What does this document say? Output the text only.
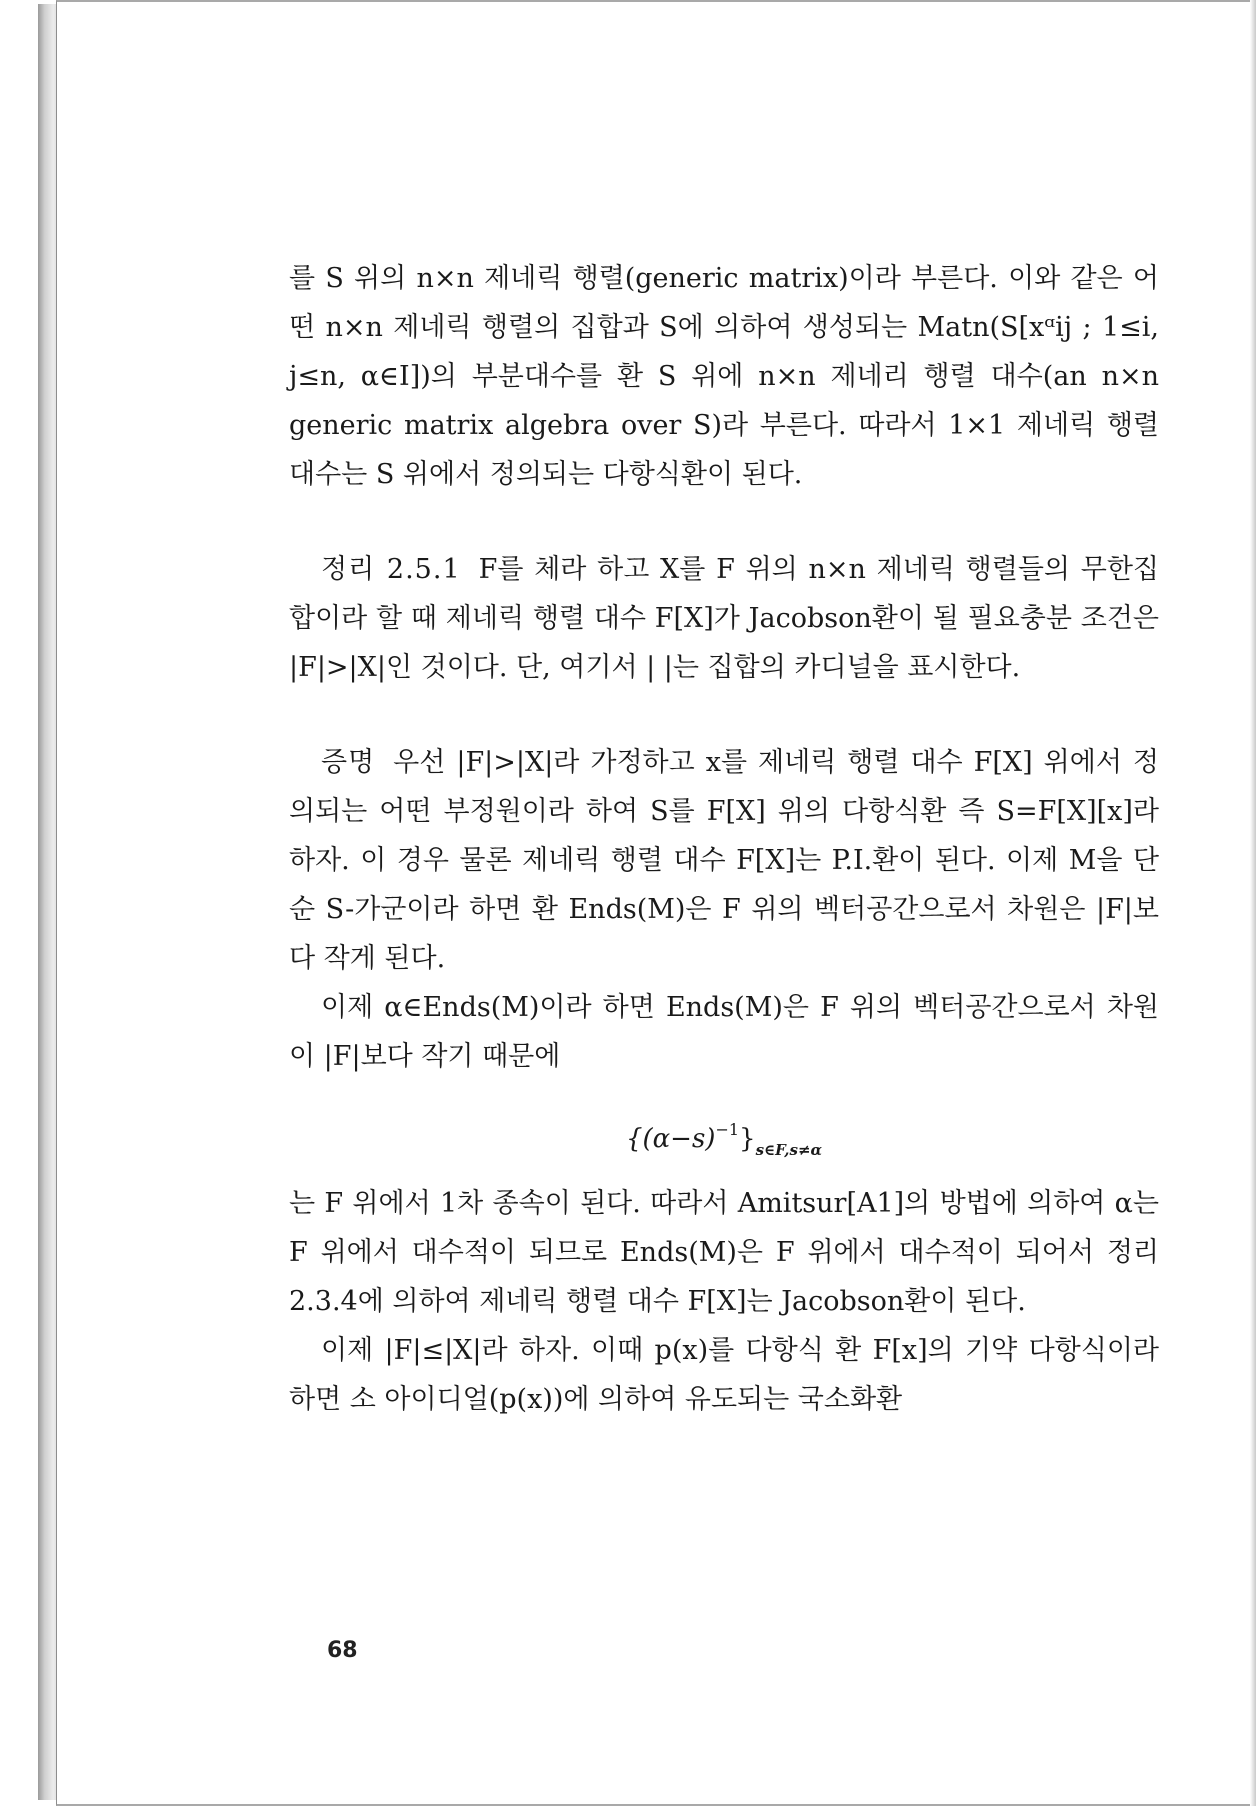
를 S 위의 n×n 제네릭 행렬(generic matrix)이라 부른다. 이와 같은 어떤 n×n 제네릭 행렬의 집합과 S에 의하여 생성되는 Matn(S[xᵅij ; 1≤i, j≤n, α∈I])의 부분대수를 환 S 위에 n×n 제네리 행렬 대수(an n×n generic matrix algebra over S)라 부른다. 따라서 1×1 제네릭 행렬 대수는 S 위에서 정의되는 다항식환이 된다.

정리 2.5.1 F를 체라 하고 X를 F 위의 n×n 제네릭 행렬들의 무한집합이라 할 때 제네릭 행렬 대수 F[X]가 Jacobson환이 될 필요충분 조건은 |F|>|X|인 것이다. 단, 여기서 | |는 집합의 카디널을 표시한다.

증명 우선 |F|>|X|라 가정하고 x를 제네릭 행렬 대수 F[X] 위에서 정의되는 어떤 부정원이라 하여 S를 F[X] 위의 다항식환 즉 S=F[X][x]라 하자. 이 경우 물론 제네릭 행렬 대수 F[X]는 P.I.환이 된다. 이제 M을 단순 S-가군이라 하면 환 Ends(M)은 F 위의 벡터공간으로서 차원은 |F|보다 작게 된다.

이제 α∈Ends(M)이라 하면 Ends(M)은 F 위의 벡터공간으로서 차원이 |F|보다 작기 때문에

$\{(\alpha-s)^{-1}\}_{s\in F,s\ne\alpha}$

는 F 위에서 1차 종속이 된다. 따라서 Amitsur[A1]의 방법에 의하여 α는 F 위에서 대수적이 되므로 Ends(M)은 F 위에서 대수적이 되어서 정리 2.3.4에 의하여 제네릭 행렬 대수 F[X]는 Jacobson환이 된다.

이제 |F|≤|X|라 하자. 이때 p(x)를 다항식 환 F[x]의 기약 다항식이라 하면 소 아이디얼(p(x))에 의하여 유도되는 국소화환

68
